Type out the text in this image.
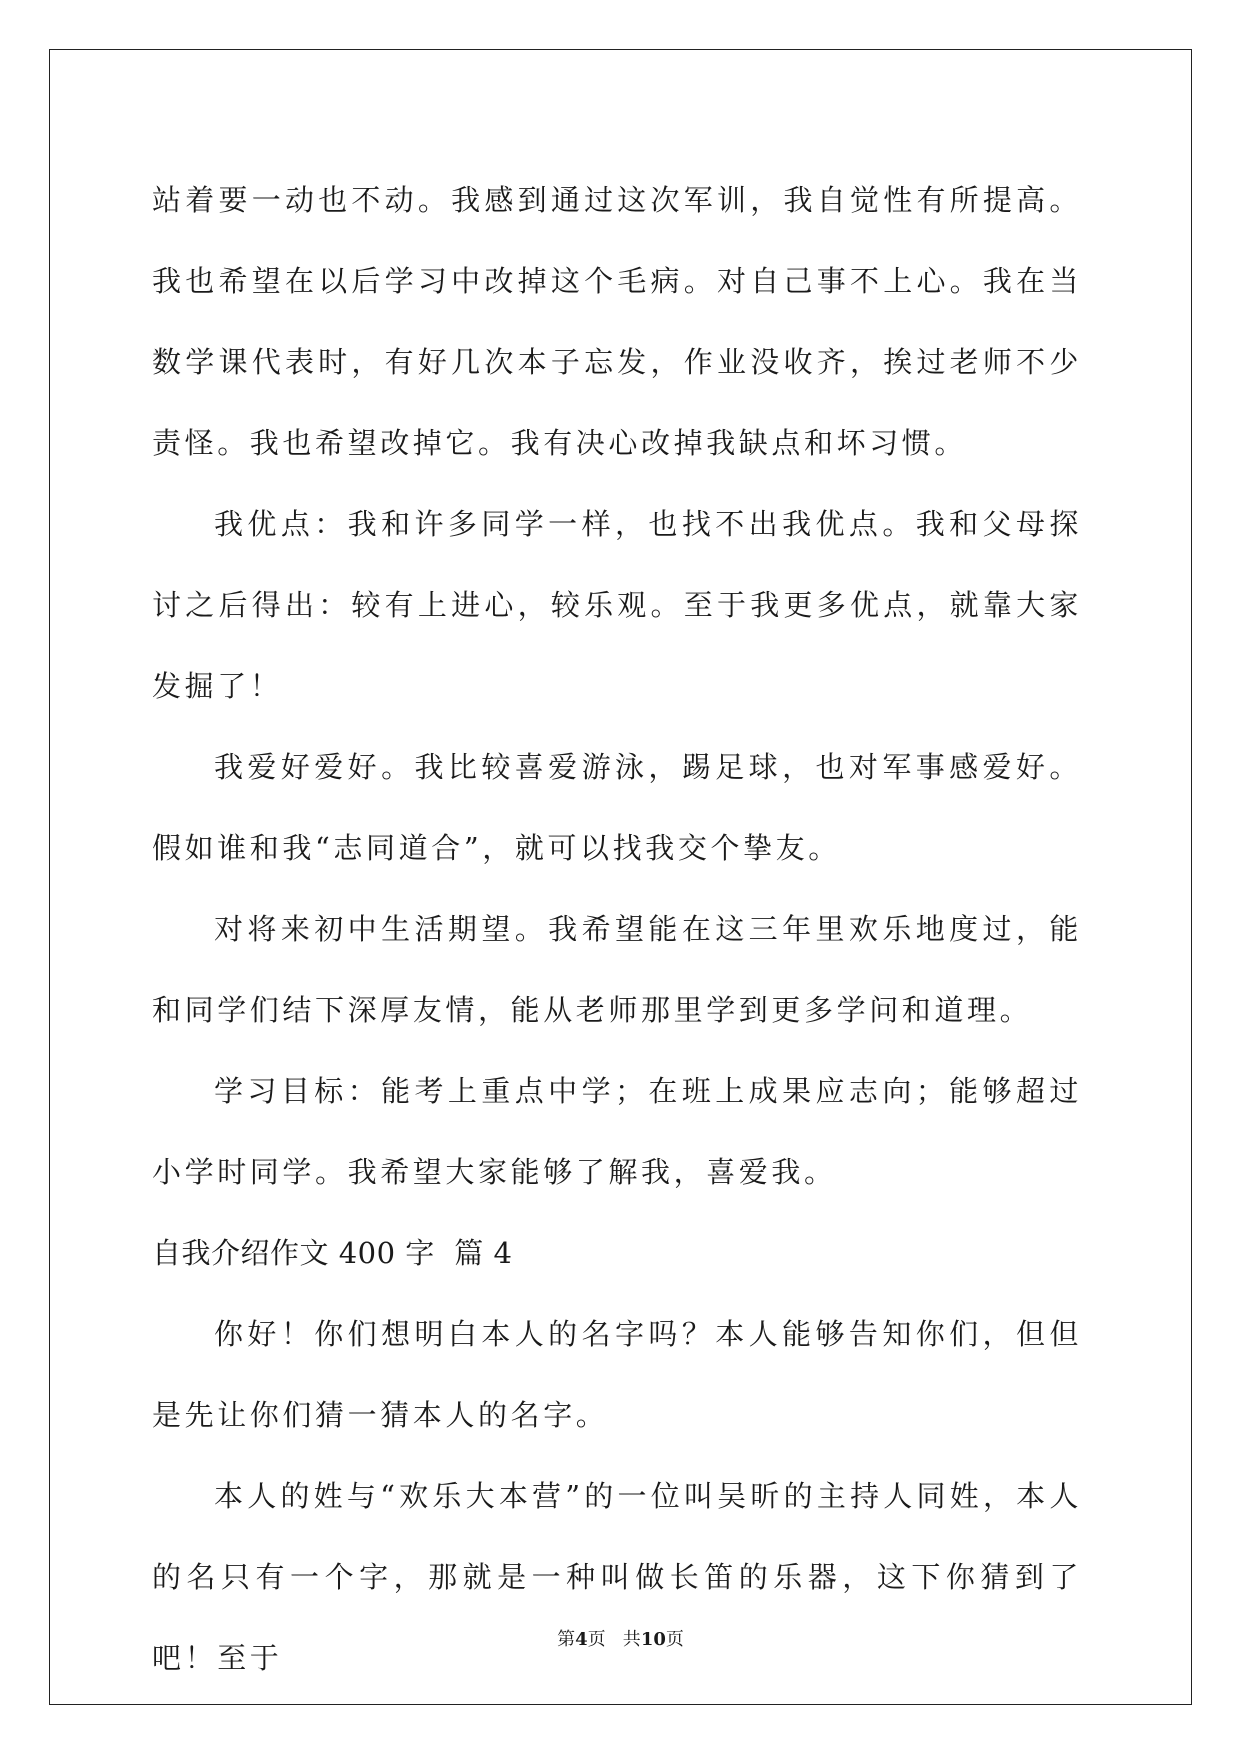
站着要一动也不动。我感到通过这次军训，我自觉性有所提高。我也希望在以后学习中改掉这个毛病。对自己事不上心。我在当数学课代表时，有好几次本子忘发，作业没收齐，挨过老师不少责怪。我也希望改掉它。我有决心改掉我缺点和坏习惯。

我优点：我和许多同学一样，也找不出我优点。我和父母探讨之后得出：较有上进心，较乐观。至于我更多优点，就靠大家发掘了！

我爱好爱好。我比较喜爱游泳，踢足球，也对军事感爱好。假如谁和我“志同道合”，就可以找我交个挚友。

对将来初中生活期望。我希望能在这三年里欢乐地度过，能和同学们结下深厚友情，能从老师那里学到更多学问和道理。

学习目标：能考上重点中学；在班上成果应志向；能够超过小学时同学。我希望大家能够了解我，喜爱我。

自我介绍作文 400 字  篇 4

你好！你们想明白本人的名字吗？本人能够告知你们，但但是先让你们猜一猜本人的名字。

本人的姓与“欢乐大本营”的一位叫吴昕的主持人同姓，本人的名只有一个字，那就是一种叫做长笛的乐器，这下你猜到了吧！至于

第4页   共10页
